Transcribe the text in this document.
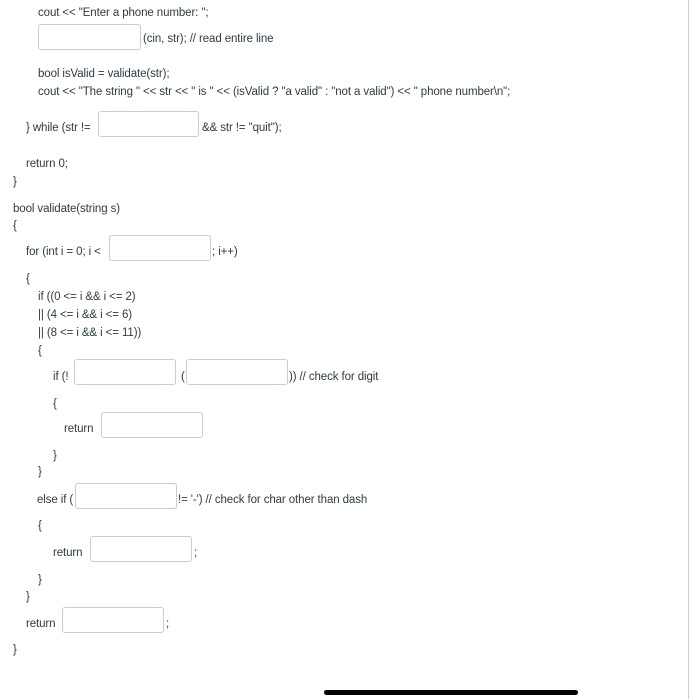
cout << "Enter a phone number: ";
(cin, str); // read entire line
bool isValid = validate(str);
cout << "The string " << str << " is " << (isValid ? "a valid" : "not a valid") << " phone number\n";
} while (str !=	&& str != "quit");
return 0;
}
bool validate(string s)
{
for (int i = 0; i <	; i++)
{
if ((0 <= i && i <= 2)
|| (4 <= i && i <= 6)
|| (8 <= i && i <= 11))
{
if (!	(	)) // check for digit
{
return
}
}
else if (	!= '-') // check for char other than dash
{
return	;
}
}
return	;
}
